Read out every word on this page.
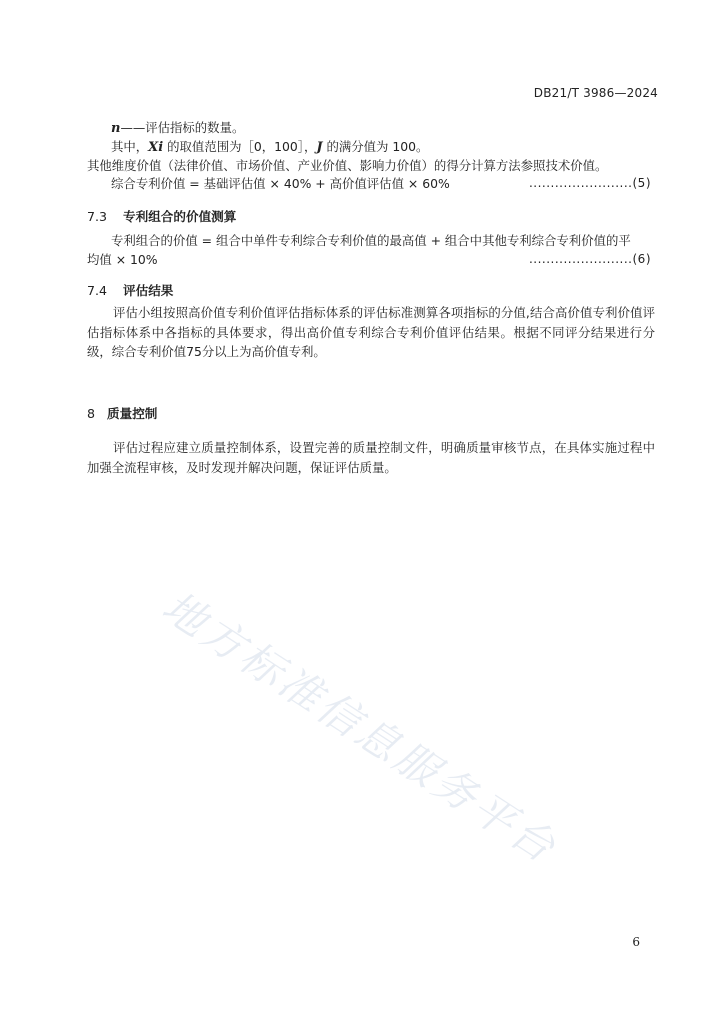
DB21/T 3986—2024
n——评估指标的数量。
其中，Xi 的取值范围为［0，100］，J 的满分值为 100。
其他维度价值（法律价值、市场价值、产业价值、影响力价值）的得分计算方法参照技术价值。
综合专利价值 = 基础评估值 × 40% + 高价值评估值 × 60%	........................(5)
7.3 专利组合的价值测算
专利组合的价值 = 组合中单件专利综合专利价值的最高值 + 组合中其他专利综合专利价值的平
均值 × 10%	........................(6)
7.4 评估结果

评估小组按照高价值专利价值评估指标体系的评估标准测算各项指标的分值,结合高价值专利价值评估指标体系中各指标的具体要求，得出高价值专利综合专利价值评估结果。根据不同评分结果进行分级，综合专利价值75分以上为高价值专利。

8 质量控制

评估过程应建立质量控制体系，设置完善的质量控制文件，明确质量审核节点，在具体实施过程中加强全流程审核，及时发现并解决问题，保证评估质量。

地方标准信息服务平台
6
